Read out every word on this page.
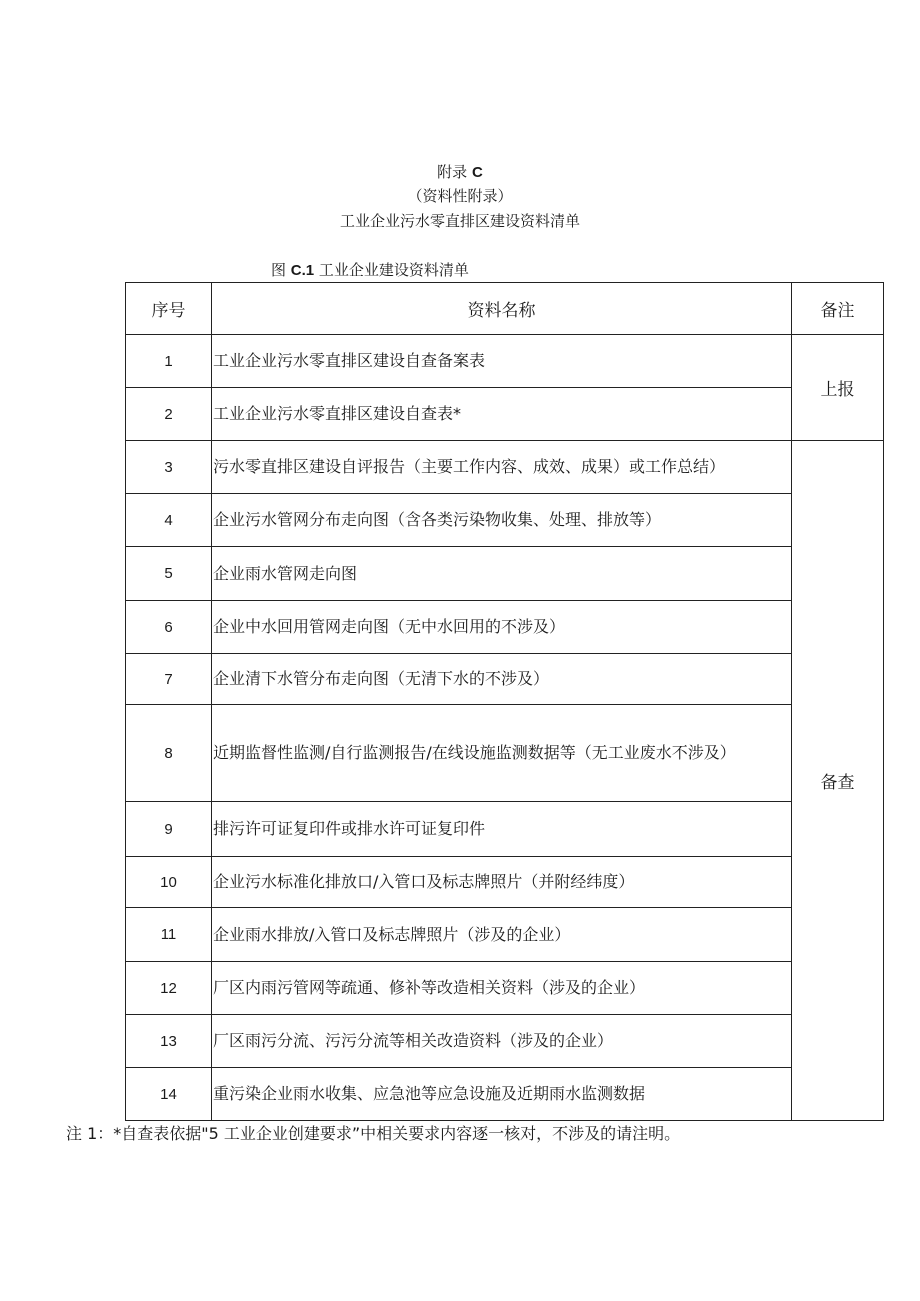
附录 C
（资料性附录）
工业企业污水零直排区建设资料清单
图 C.1 工业企业建设资料清单
序号	资料名称	备注
1	工业企业污水零直排区建设自查备案表	上报
2	工业企业污水零直排区建设自查表*	
3	污水零直排区建设自评报告（主要工作内容、成效、成果）或工作总结）	备查
4	企业污水管网分布走向图（含各类污染物收集、处理、排放等）	
5	企业雨水管网走向图	
6	企业中水回用管网走向图（无中水回用的不涉及）	
7	企业清下水管分布走向图（无清下水的不涉及）	
8	近期监督性监测/自行监测报告/在线设施监测数据等（无工业废水不涉及）	
9	排污许可证复印件或排水许可证复印件	
10	企业污水标准化排放口/入管口及标志牌照片（并附经纬度）	
11	企业雨水排放/入管口及标志牌照片（涉及的企业）	
12	厂区内雨污管网等疏通、修补等改造相关资料（涉及的企业）	
13	厂区雨污分流、污污分流等相关改造资料（涉及的企业）	
14	重污染企业雨水收集、应急池等应急设施及近期雨水监测数据	
注 1：*自查表依据"5 工业企业创建要求”中相关要求内容逐一核对，不涉及的请注明。
